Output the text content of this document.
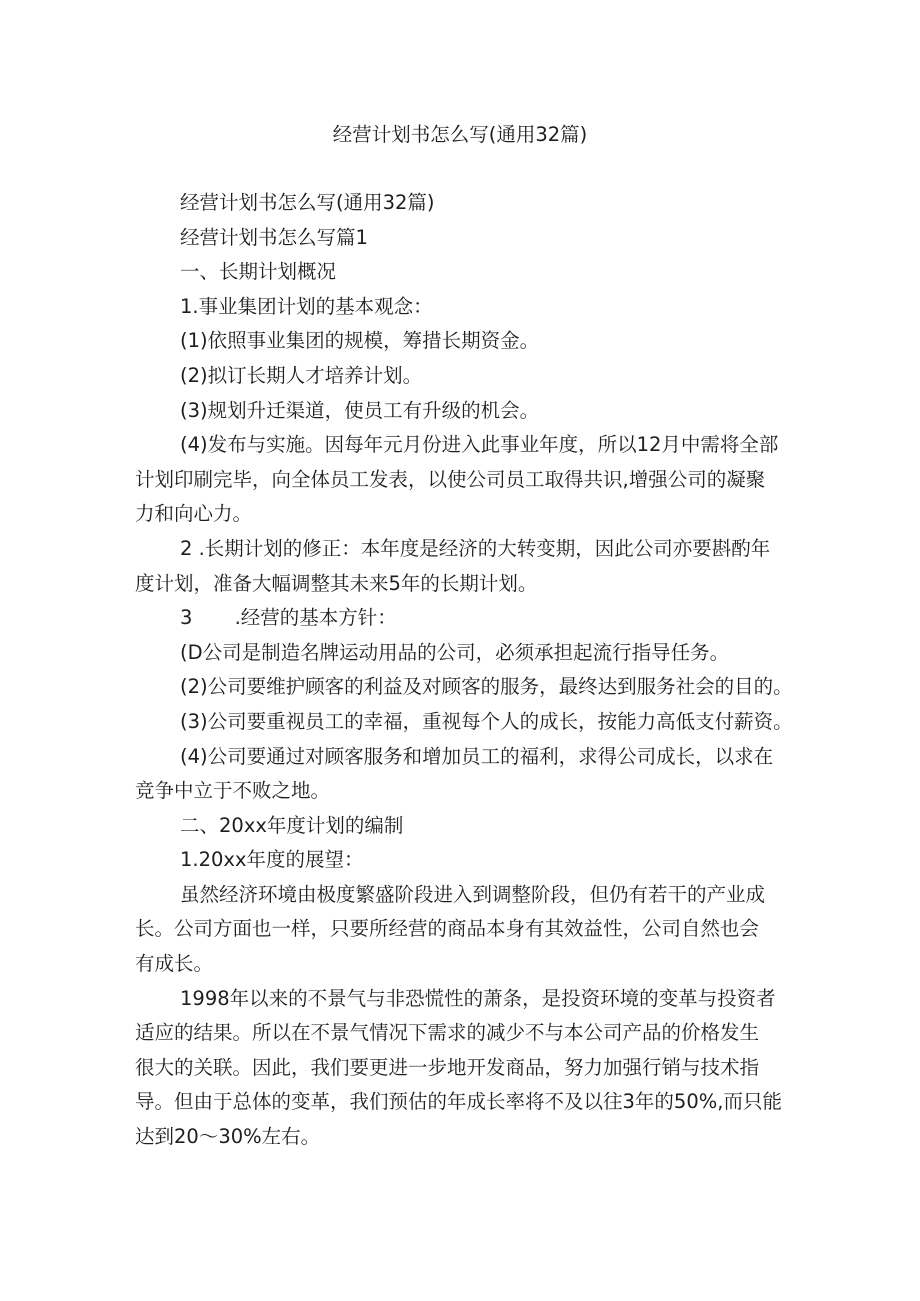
经营计划书怎么写(通用32篇)
经营计划书怎么写(通用32篇)
经营计划书怎么写篇1
一、长期计划概况
1.事业集团计划的基本观念：
(1)依照事业集团的规模，筹措长期资金。
(2)拟订长期人才培养计划。
(3)规划升迁渠道，使员工有升级的机会。
(4)发布与实施。因每年元月份进入此事业年度，所以12月中需将全部
计划印刷完毕，向全体员工发表，以使公司员工取得共识,增强公司的凝聚
力和向心力。
2 .长期计划的修正：本年度是经济的大转变期，因此公司亦要斟酌年
度计划，准备大幅调整其未来5年的长期计划。
3 .经营的基本方针：
(D公司是制造名牌运动用品的公司，必须承担起流行指导任务。
(2)公司要维护顾客的利益及对顾客的服务，最终达到服务社会的目的。
(3)公司要重视员工的幸福，重视每个人的成长，按能力高低支付薪资。
(4)公司要通过对顾客服务和增加员工的福利，求得公司成长，以求在
竞争中立于不败之地。
二、20xx年度计划的编制
1.20xx年度的展望：
虽然经济环境由极度繁盛阶段进入到调整阶段，但仍有若干的产业成
长。公司方面也一样，只要所经营的商品本身有其效益性，公司自然也会
有成长。
1998年以来的不景气与非恐慌性的萧条，是投资环境的变革与投资者
适应的结果。所以在不景气情况下需求的减少不与本公司产品的价格发生
很大的关联。因此，我们要更进一步地开发商品，努力加强行销与技术指
导。但由于总体的变革，我们预估的年成长率将不及以往3年的50%,而只能
达到20〜30%左右。
